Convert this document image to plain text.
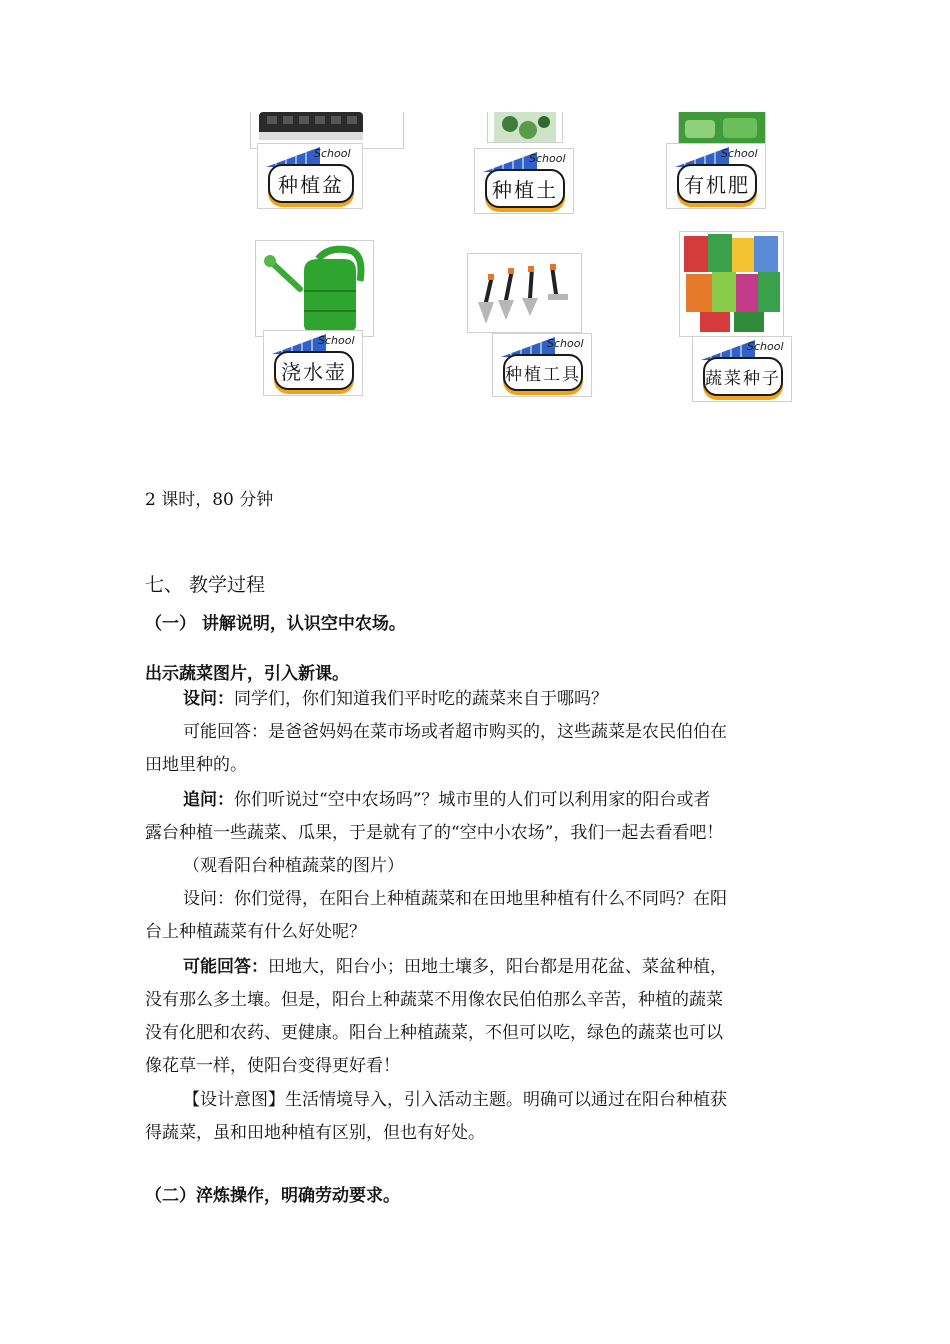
School
种植盆
School
种植土
School
有机肥
School
浇水壶
School
种植工具
School
蔬菜种子
2 课时，80 分钟
七、 教学过程
（一） 讲解说明，认识空中农场。
出示蔬菜图片，引入新课。
设问：同学们，你们知道我们平时吃的蔬菜来自于哪吗？
可能回答：是爸爸妈妈在菜市场或者超市购买的，这些蔬菜是农民伯伯在
田地里种的。
追问：你们听说过“空中农场吗”？城市里的人们可以利用家的阳台或者
露台种植一些蔬菜、瓜果，于是就有了的“空中小农场”，我们一起去看看吧！
（观看阳台种植蔬菜的图片）
设问：你们觉得，在阳台上种植蔬菜和在田地里种植有什么不同吗？在阳
台上种植蔬菜有什么好处呢？
可能回答：田地大，阳台小；田地土壤多，阳台都是用花盆、菜盆种植，
没有那么多土壤。但是，阳台上种蔬菜不用像农民伯伯那么辛苦，种植的蔬菜
没有化肥和农药、更健康。阳台上种植蔬菜，不但可以吃，绿色的蔬菜也可以
像花草一样，使阳台变得更好看！
【设计意图】生活情境导入，引入活动主题。明确可以通过在阳台种植获
得蔬菜，虽和田地种植有区别，但也有好处。
（二）淬炼操作，明确劳动要求。
